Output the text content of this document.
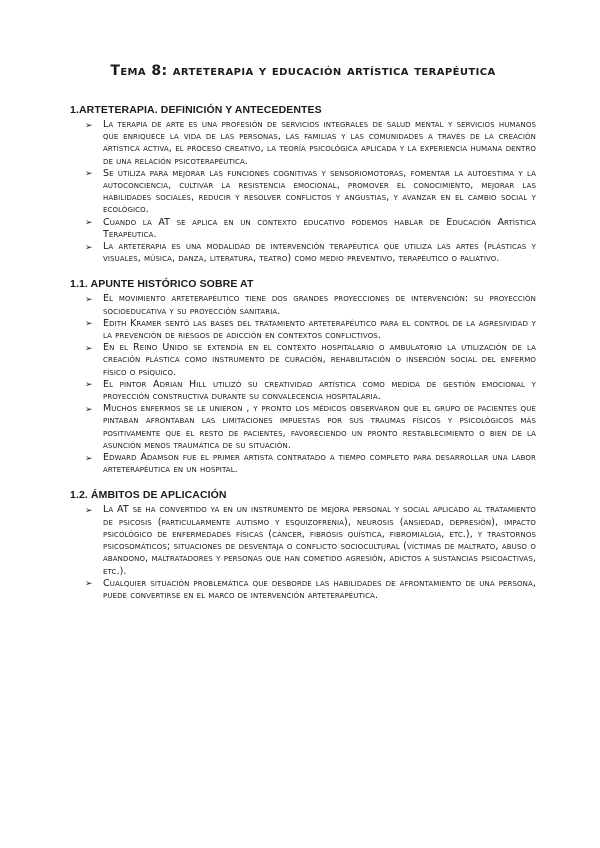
Tema 8: arteterapia y educación artística terapéutica
1.ARTETERAPIA. DEFINICIÓN Y ANTECEDENTES
➢ La terapia de arte es una profesión de servicios integrales de salud mental y servicios humanos que enriquece la vida de las personas, las familias y las comunidades a través de la creación artística activa, el proceso creativo, la teoría psicológica aplicada y la experiencia humana dentro de una relación psicoterapéutica.
➢ Se utiliza para mejorar las funciones cognitivas y sensoriomotoras, fomentar la autoestima y la autoconciencia, cultivar la resistencia emocional, promover el conocimiento, mejorar las habilidades sociales, reducir y resolver conflictos y angustias, y avanzar en el cambio social y ecológico.
➢ Cuando la AT se aplica en un contexto educativo podemos hablar de Educación Artística Terapéutica.
➢ La arteterapia es una modalidad de intervención terapéutica que utiliza las artes (plásticas y visuales, música, danza, literatura, teatro) como medio preventivo, terapéutico o paliativo.
1.1. APUNTE HISTÓRICO SOBRE AT
➢ El movimiento arteterapéutico tiene dos grandes proyecciones de intervención: su proyección socioeducativa y su proyección sanitaria.
➢ Edith Kramer sentó las bases del tratamiento arteterapéutico para el control de la agresividad y la prevención de riesgos de adicción en contextos conflictivos.
➢ En el Reino Unido se extendía en el contexto hospitalario o ambulatorio la utilización de la creación plástica como instrumento de curación, rehabilitación o inserción social del enfermo físico o psíquico.
➢ El pintor Adrian Hill utilizó su creatividad artística como medida de gestión emocional y proyección constructiva durante su convalecencia hospitalaria.
➢ Muchos enfermos se le unieron , y pronto los médicos observaron que el grupo de pacientes que pintaban afrontaban las limitaciones impuestas por sus traumas físicos y psicológicos más positivamente que el resto de pacientes, favoreciendo un pronto restablecimiento o bien de la asunción menos traumática de su situación.
➢ Edward Adamson fue el primer artista contratado a tiempo completo para desarrollar una labor arteterapéutica en un hospital.
1.2. ÁMBITOS DE APLICACIÓN
➢ La AT se ha convertido ya en un instrumento de mejora personal y social aplicado al tratamiento de psicosis (particularmente autismo y esquizofrenia), neurosis (ansiedad, depresión), impacto psicológico de enfermedades físicas (cáncer, fibrosis quística, fibromialgia, etc.), y trastornos psicosomáticos; situaciones de desventaja o conflicto sociocultural (víctimas de maltrato, abuso o abandono, maltratadores y personas que han cometido agresión, adictos a sustancias psicoactivas, etc.).
➢ Cualquier situación problemática que desborde las habilidades de afrontamiento de una persona, puede convertirse en el marco de intervención arteterapéutica.
